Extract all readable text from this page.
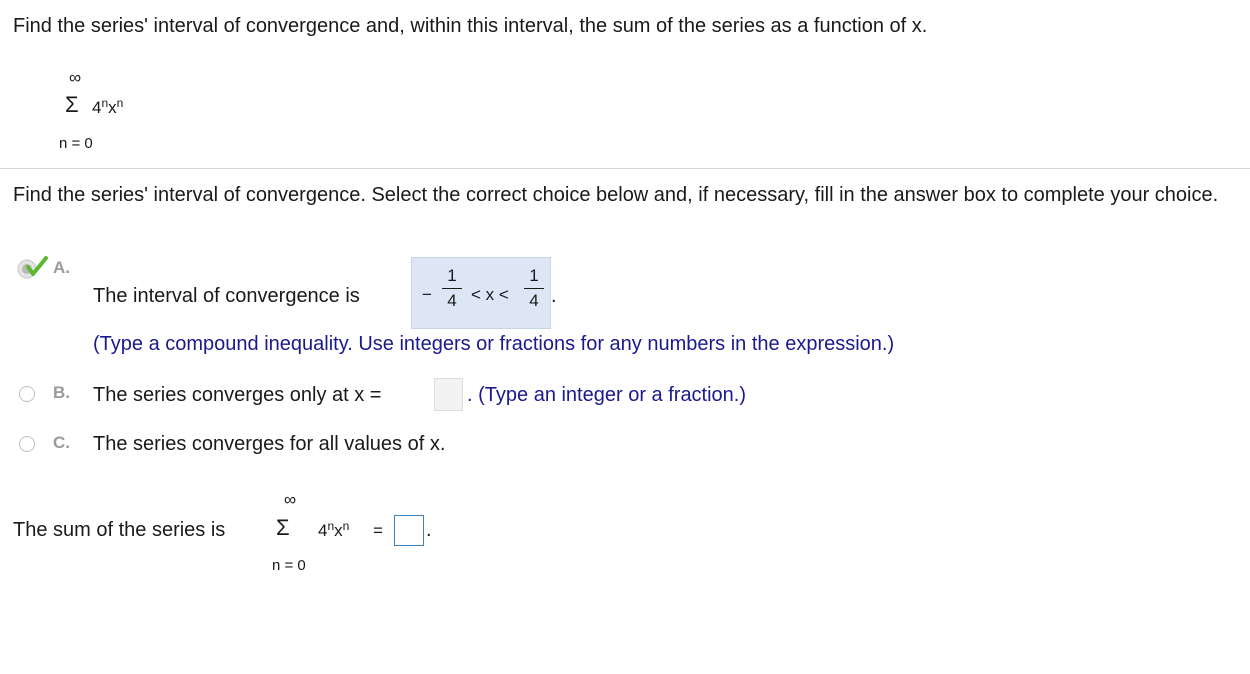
Find the series' interval of convergence and, within this interval, the sum of the series as a function of x.
∞
Σ $4^nx^n$
n = 0
Find the series' interval of convergence. Select the correct choice below and, if necessary, fill in the answer box to complete your choice.
A.
The interval of convergence is	−
1
4 < x <
1
4 .
(Type a compound inequality. Use integers or fractions for any numbers in the expression.)
B. The series converges only at x =	. (Type an integer or a fraction.)
C. The series converges for all values of x.
The sum of the series is
∞
Σ $4^nx^n$ = .
n = 0
